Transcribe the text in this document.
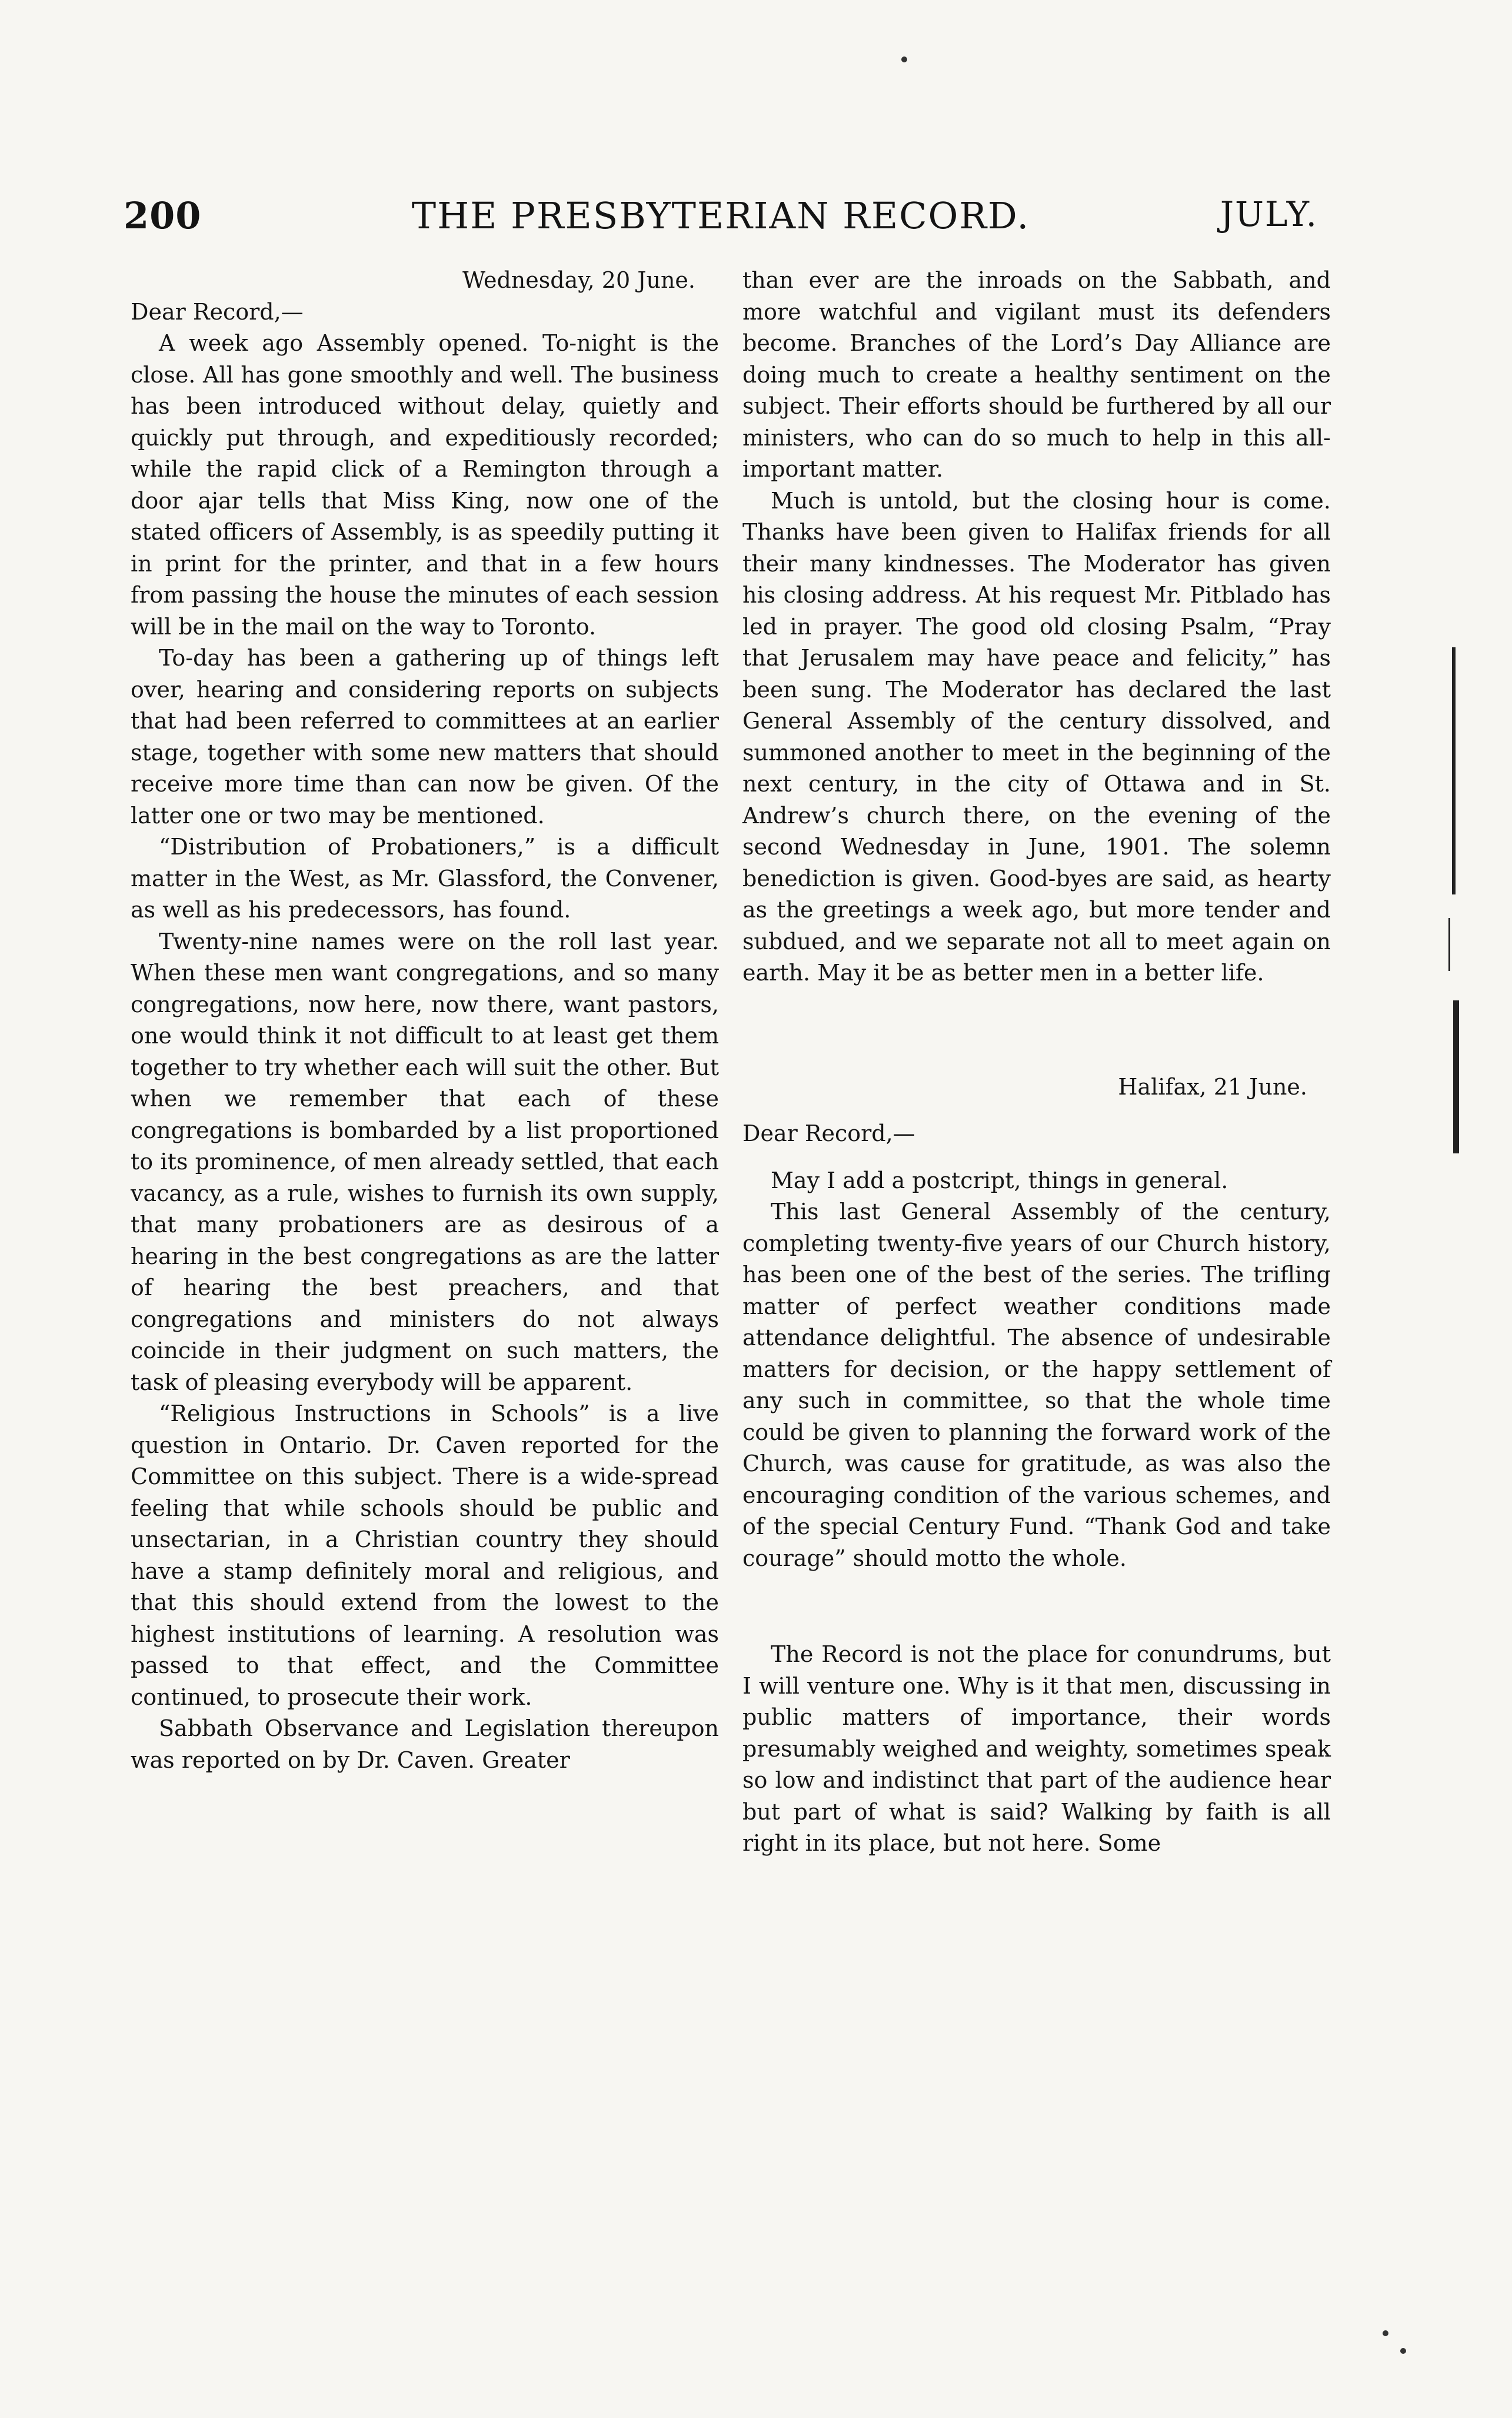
200	THE PRESBYTERIAN RECORD.	JULY.

Wednesday, 20 June.

Dear Record,—

A week ago Assembly opened. To-night is the close. All has gone smoothly and well. The business has been introduced without delay, quietly and quickly put through, and expeditiously recorded; while the rapid click of a Remington through a door ajar tells that Miss King, now one of the stated officers of Assembly, is as speedily putting it in print for the printer, and that in a few hours from passing the house the minutes of each session will be in the mail on the way to Toronto.

To-day has been a gathering up of things left over, hearing and considering reports on subjects that had been referred to committees at an earlier stage, together with some new matters that should receive more time than can now be given. Of the latter one or two may be mentioned.

“Distribution of Probationers,” is a difficult matter in the West, as Mr. Glassford, the Convener, as well as his predecessors, has found.

Twenty-nine names were on the roll last year. When these men want congregations, and so many congregations, now here, now there, want pastors, one would think it not difficult to at least get them together to try whether each will suit the other. But when we remember that each of these congregations is bombarded by a list proportioned to its prominence, of men already settled, that each vacancy, as a rule, wishes to furnish its own supply, that many probationers are as desirous of a hearing in the best congregations as are the latter of hearing the best preachers, and that congregations and ministers do not always coincide in their judgment on such matters, the task of pleasing everybody will be apparent.

“Religious Instructions in Schools” is a live question in Ontario. Dr. Caven reported for the Committee on this subject. There is a wide-spread feeling that while schools should be public and unsectarian, in a Christian country they should have a stamp definitely moral and religious, and that this should extend from the lowest to the highest institutions of learning. A resolution was passed to that effect, and the Committee continued, to prosecute their work.

Sabbath Observance and Legislation thereupon was reported on by Dr. Caven. Greater

than ever are the inroads on the Sabbath, and more watchful and vigilant must its defenders become. Branches of the Lord’s Day Alliance are doing much to create a healthy sentiment on the subject. Their efforts should be furthered by all our ministers, who can do so much to help in this all-important matter.

Much is untold, but the closing hour is come. Thanks have been given to Halifax friends for all their many kindnesses. The Moderator has given his closing address. At his request Mr. Pitblado has led in prayer. The good old closing Psalm, “Pray that Jerusalem may have peace and felicity,” has been sung. The Moderator has declared the last General Assembly of the century dissolved, and summoned another to meet in the beginning of the next century, in the city of Ottawa and in St. Andrew’s church there, on the evening of the second Wednesday in June, 1901. The solemn benediction is given. Good-byes are said, as hearty as the greetings a week ago, but more tender and subdued, and we separate not all to meet again on earth. May it be as better men in a better life.

Halifax, 21 June.

Dear Record,—

May I add a postcript, things in general.

This last General Assembly of the century, completing twenty-five years of our Church history, has been one of the best of the series. The trifling matter of perfect weather conditions made attendance delightful. The absence of undesirable matters for decision, or the happy settlement of any such in committee, so that the whole time could be given to planning the forward work of the Church, was cause for gratitude, as was also the encouraging condition of the various schemes, and of the special Century Fund. “Thank God and take courage” should motto the whole.

The Record is not the place for conundrums, but I will venture one. Why is it that men, discussing in public matters of importance, their words presumably weighed and weighty, sometimes speak so low and indistinct that part of the audience hear but part of what is said? Walking by faith is all right in its place, but not here. Some
